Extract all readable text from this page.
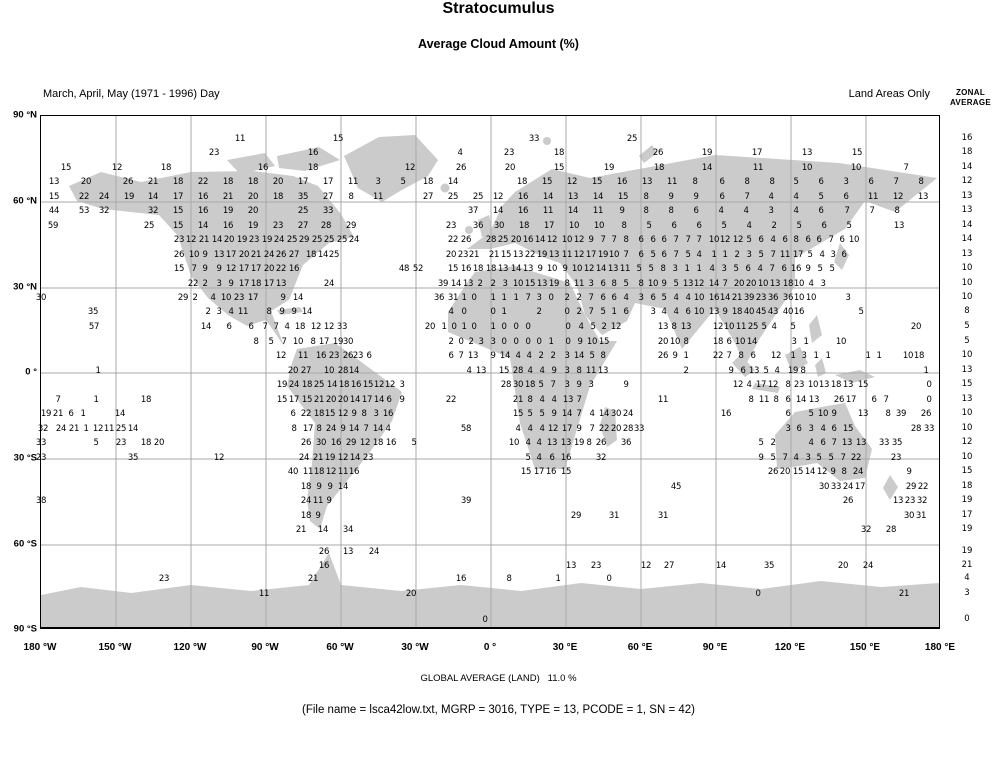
Stratocumulus
Average Cloud Amount (%)
March, April, May (1971 - 1996) Day	Land Areas Only	ZONAL
AVERAGE
11	15	33	25
23	16	4	23	18	26	19	17	13	15
15	12	18	16	18	12	26	20	15	19	18	14	11	10	10	7
13	20	26 21 18 22 18 18 20 17 17 11 3 5 18 14	18 15 12 15 16 13 11 8	6 8 8 5 6 3 6 7 8
15 22 24 19 14 17 16 21 20 18 35 27 8 11	27 25 25 12 16 14 13 14 15 8 9 9 6 7 4 4 5 6 11 12 13
44 53 32	32 15 16 19 20	25 33	37 14 16 11 14 11 9 8 8 6 4 4 3 4 6 7 7 8
59	25 15 14 16 19 23 27 28 29	23 36 30 18 17 10 10 8 5 6 6 5 4 2 5 6 5	13
23 12 21 14 20 19 23 19 24 25 29 25 25 25 24	22 26 28 25 20 16 14 12 10 12 9 7 7 8 6 6 6 7 7 7 10 12 12 5 6 4 6 8 6 6 7 6 10
26 10 9 13 17 20 21 24 26 27 18 14 25	20 23 21 21 15 13 22 19 13 11 12 17 19 10 7 6 5 6 7 5 4 1 1 2 3 5 7 11 17 5 4 3 6
15 7 9 9 12 17 17 20 22 16	48 52	15 16 18 18 13 14 13 9 10 9 10 12 14 13 11 5 5 8 3 1 1 4 3 5 6 4 7 6 16 9 5 5
22 2 3 9 17 18 17 13	24	39 14 13 2 2 3 10 15 13 19 8 11 3 6 8 5 8 10 9 5 13 12 14 7 20 20 10 13 18 10 4 3
30	29 2 4 10 23 17	9 14	36 31 1 0 1 1 1 7 3 0 2 2 7 6 6 4 3 6 5 4 4 10 16 14 21 39 23 36 36 10 10	3
35	2 3 4 11 8 9 9 14	4 0	0 1	2	0 2 7 5 1 6	3 4 4 6 10 13 9 18 40 45 43 40 16	5
57	14 6 6 7 7 4 18 12 12 33	20 1 0 1 0 1 0 0 0	0 4 5 2 12	13 8 13	12 10 11 25 5 4 5	20
8 5 7 10 8 17 19 30	2 0 2 3 3 0 0 0 0 1 0 9 10 15	20 10 8	18 6 10 14	3 1	10
12 11 16 23 26 23 6	6 7 13 9 14 4 4 2 2 3 14 5 8	26 9 1	22 7 8 6 12 1 3 1 1	1 1	10 18
1	20 27 10 28 14	4 13 15 28 4 4 9 3 8 11 13	2	9 6 13 5 4 19 8	1
19 24 18 25 14 18 16 15 12 12 3	28 30 18 5 7 3 9 3	9	12 4 17 12 8 23 10 13 18 13 15	0
7	1	18	15 17 15 21 20 20 14 17 14 6 9	22	21 8 4 4 13 7	11	8 11 8 6 14 13 26 17 6 7	0
19 21 6 1	14	6 22 18 15 12 9 8 3 16	15 5 5 9 14 7 4 14 30 24	16	6 5 10 9	13 8 39 26
32 24 21 1 12 11 25 14	8 17 8 24 9 14 7 14 4	58	4 4 4 12 17 9 7 22 20 28 33	3 6 3 4 6 15	28 33
33	5 23 18 20	26 30 16 29 12 18 16 5	10 4 4 13 13 19 8 26 36	5 2	4 6 7 13 13 33 35
23	35	12	24 21 19 12 14 23	5 4 6 16	32	9 5 7 4 3 5 5 7 22	23
40 11 18 12 11 16	15 17 16 15	26 20 15 14 12 9 8 24	9
18 9 9 14	45	30 33 24 17	29 22
38	24 11 9	39	26	13 23 32
18 9	29	31	31	30 31
21 14 34	32 28
26 13 24
16	13 23	12 27	14	35	20 24
23	21	16	8	1	0
11	20	0	21
0
90 °N
60 °N
30 °N
0 °
30 °S
60 °S
90 °S
180 °W	150 °W	120 °W	90 °W	60 °W	30 °W	0 °	30 °E	60 °E	90 °E	120 °E	150 °E	180 °E
16
18
14
12
13
13
14
14
13
10
10
10
8
5
5
10
13
15
13
10
10
12
10
15
18
19
17
19
19
21
4
3
0
GLOBAL AVERAGE (LAND)   11.0 %
(File name = lsca42low.txt, MGRP = 3016, TYPE = 13, PCODE = 1, SN = 42)
